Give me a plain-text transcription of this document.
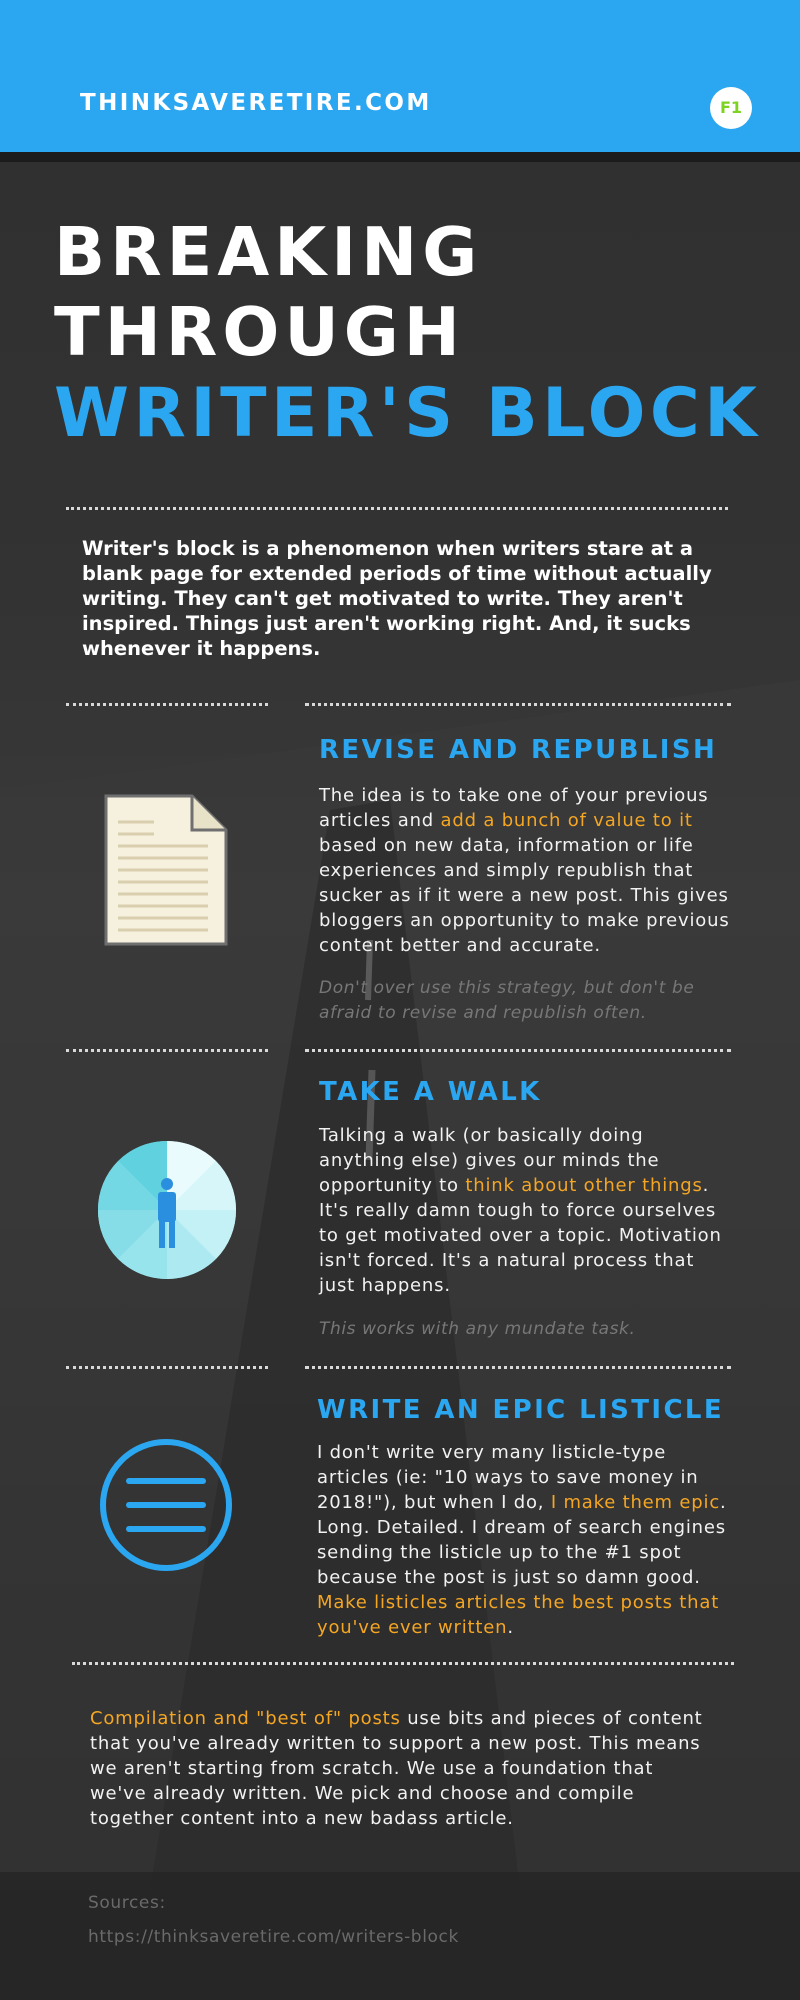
THINKSAVERETIRE.COM	F1
BREAKING
THROUGH
WRITER'S BLOCK
Writer's block is a phenomenon when writers stare at a blank page for extended periods of time without actually writing. They can't get motivated to write. They aren't inspired. Things just aren't working right. And, it sucks whenever it happens.
REVISE AND REPUBLISH
The idea is to take one of your previous articles and add a bunch of value to it based on new data, information or life experiences and simply republish that sucker as if it were a new post. This gives bloggers an opportunity to make previous content better and accurate.
Don't over use this strategy, but don't be afraid to revise and republish often.
TAKE A WALK
Talking a walk (or basically doing anything else) gives our minds the opportunity to think about other things. It's really damn tough to force ourselves to get motivated over a topic. Motivation isn't forced. It's a natural process that just happens.
This works with any mundate task.
WRITE AN EPIC LISTICLE
I don't write very many listicle-type articles (ie: "10 ways to save money in 2018!"), but when I do, I make them epic. Long. Detailed. I dream of search engines sending the listicle up to the #1 spot because the post is just so damn good. Make listicles articles the best posts that you've ever written.
Compilation and "best of" posts use bits and pieces of content that you've already written to support a new post. This means we aren't starting from scratch. We use a foundation that we've already written. We pick and choose and compile together content into a new badass article.
Sources:
https://thinksaveretire.com/writers-block
